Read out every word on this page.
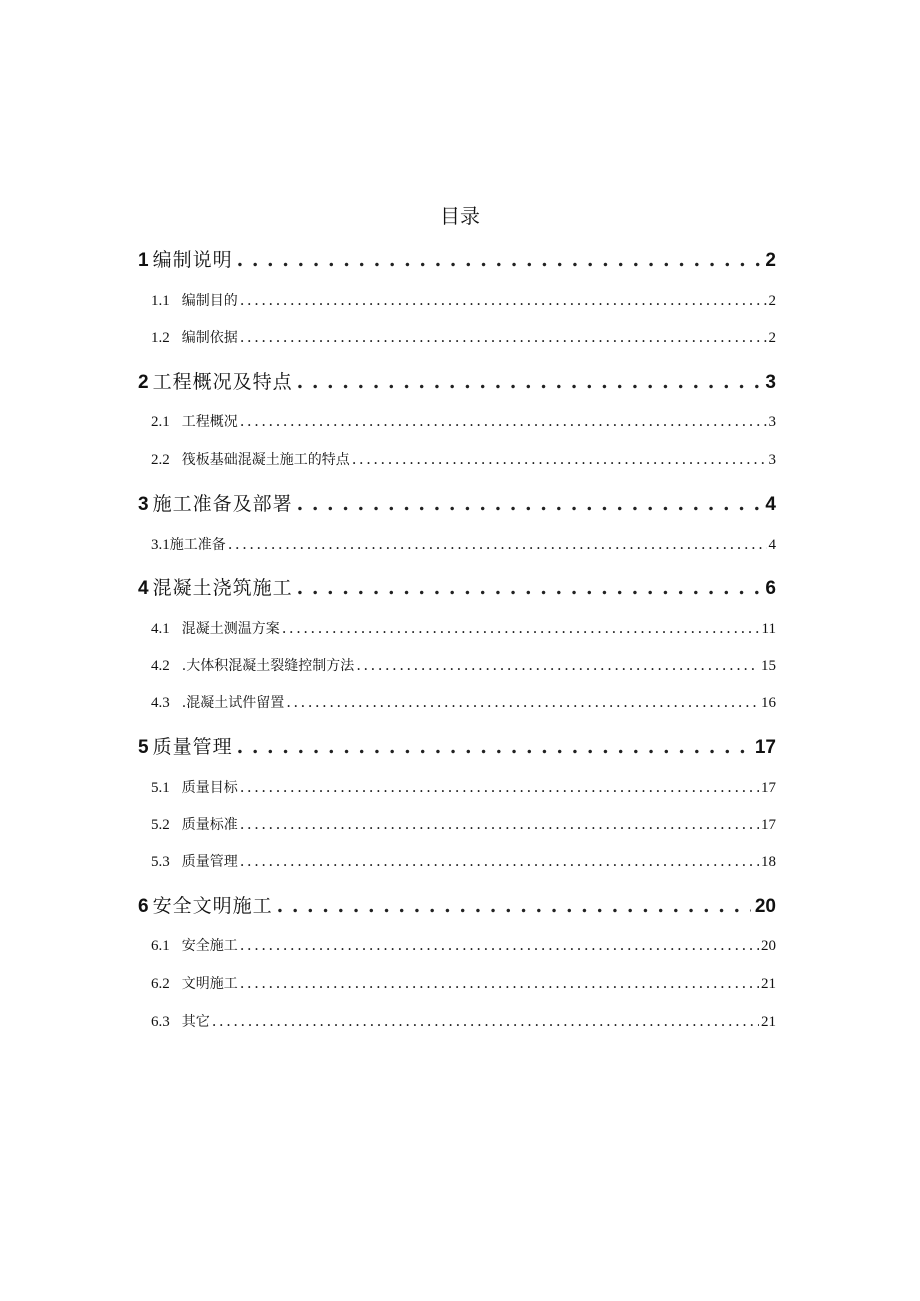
目录
1 编制说明 . . .	2
1.1 编制目的 .....	2
1.2 编制依据 .....	2
2 工程概况及特点 . . .	3
2.1 工程概况 .....	3
2.2 筏板基础混凝土施工的特点 .....	3
3 施工准备及部署 . . .	4
3.1 施工准备 .....	4
4 混凝土浇筑施工 . . .	6
4.1 混凝土测温方案 .....	11
4.2 .大体积混凝土裂缝控制方法 .....	15
4.3 .混凝土试件留置 .....	16
5 质量管理 . . .	17
5.1 质量目标 .....	17
5.2 质量标准 .....	17
5.3 质量管理 .....	18
6 安全文明施工 . . .	20
6.1 安全施工 .....	20
6.2 文明施工 .....	21
6.3 其它 .....	21
